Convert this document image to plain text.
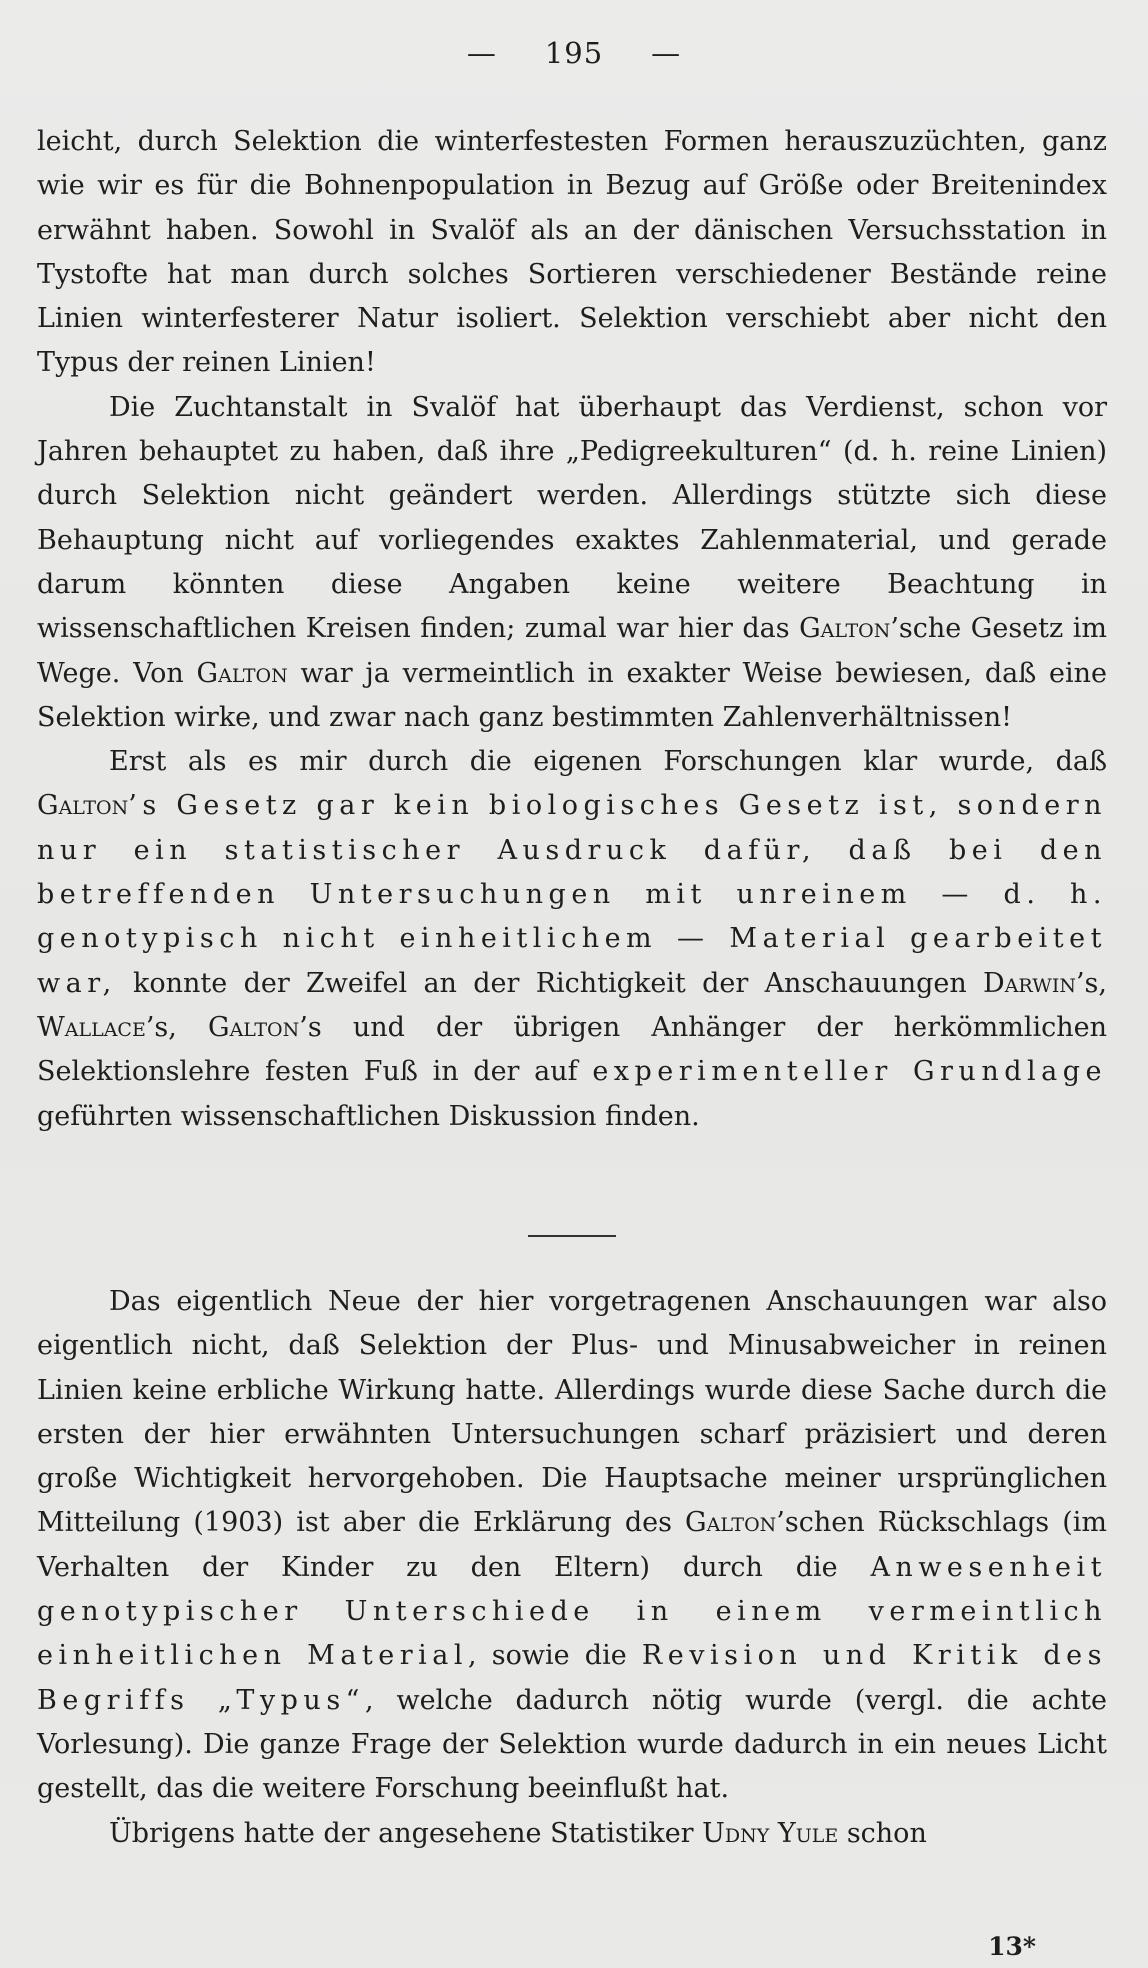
— 195 —

leicht, durch Selektion die winterfestesten Formen herauszuzüchten, ganz wie wir es für die Bohnenpopulation in Bezug auf Größe oder Breitenindex erwähnt haben. Sowohl in Svalöf als an der dänischen Versuchsstation in Tystofte hat man durch solches Sortieren verschiedener Bestände reine Linien winterfesterer Natur isoliert. Selektion verschiebt aber nicht den Typus der reinen Linien!

Die Zuchtanstalt in Svalöf hat überhaupt das Verdienst, schon vor Jahren behauptet zu haben, daß ihre „Pedigreekulturen“ (d. h. reine Linien) durch Selektion nicht geändert werden. Allerdings stützte sich diese Behauptung nicht auf vorliegendes exaktes Zahlenmaterial, und gerade darum könnten diese Angaben keine weitere Beachtung in wissenschaftlichen Kreisen finden; zumal war hier das Galton’sche Gesetz im Wege. Von Galton war ja vermeintlich in exakter Weise bewiesen, daß eine Selektion wirke, und zwar nach ganz bestimmten Zahlenverhältnissen!

Erst als es mir durch die eigenen Forschungen klar wurde, daß Galton’s Gesetz gar kein biologisches Gesetz ist, sondern nur ein statistischer Ausdruck dafür, daß bei den betreffenden Untersuchungen mit unreinem — d. h. genotypisch nicht einheitlichem — Material gearbeitet war, konnte der Zweifel an der Richtigkeit der Anschauungen Darwin’s, Wallace’s, Galton’s und der übrigen Anhänger der herkömmlichen Selektionslehre festen Fuß in der auf experimenteller Grundlage geführten wissenschaftlichen Diskussion finden.

Das eigentlich Neue der hier vorgetragenen Anschauungen war also eigentlich nicht, daß Selektion der Plus- und Minusabweicher in reinen Linien keine erbliche Wirkung hatte. Allerdings wurde diese Sache durch die ersten der hier erwähnten Untersuchungen scharf präzisiert und deren große Wichtigkeit hervorgehoben. Die Hauptsache meiner ursprünglichen Mitteilung (1903) ist aber die Erklärung des Galton’schen Rückschlags (im Verhalten der Kinder zu den Eltern) durch die Anwesenheit genotypischer Unterschiede in einem vermeintlich einheitlichen Material, sowie die Revision und Kritik des Begriffs „Typus“, welche dadurch nötig wurde (vergl. die achte Vorlesung). Die ganze Frage der Selektion wurde dadurch in ein neues Licht gestellt, das die weitere Forschung beeinflußt hat.

Übrigens hatte der angesehene Statistiker Udny Yule schon

13*
